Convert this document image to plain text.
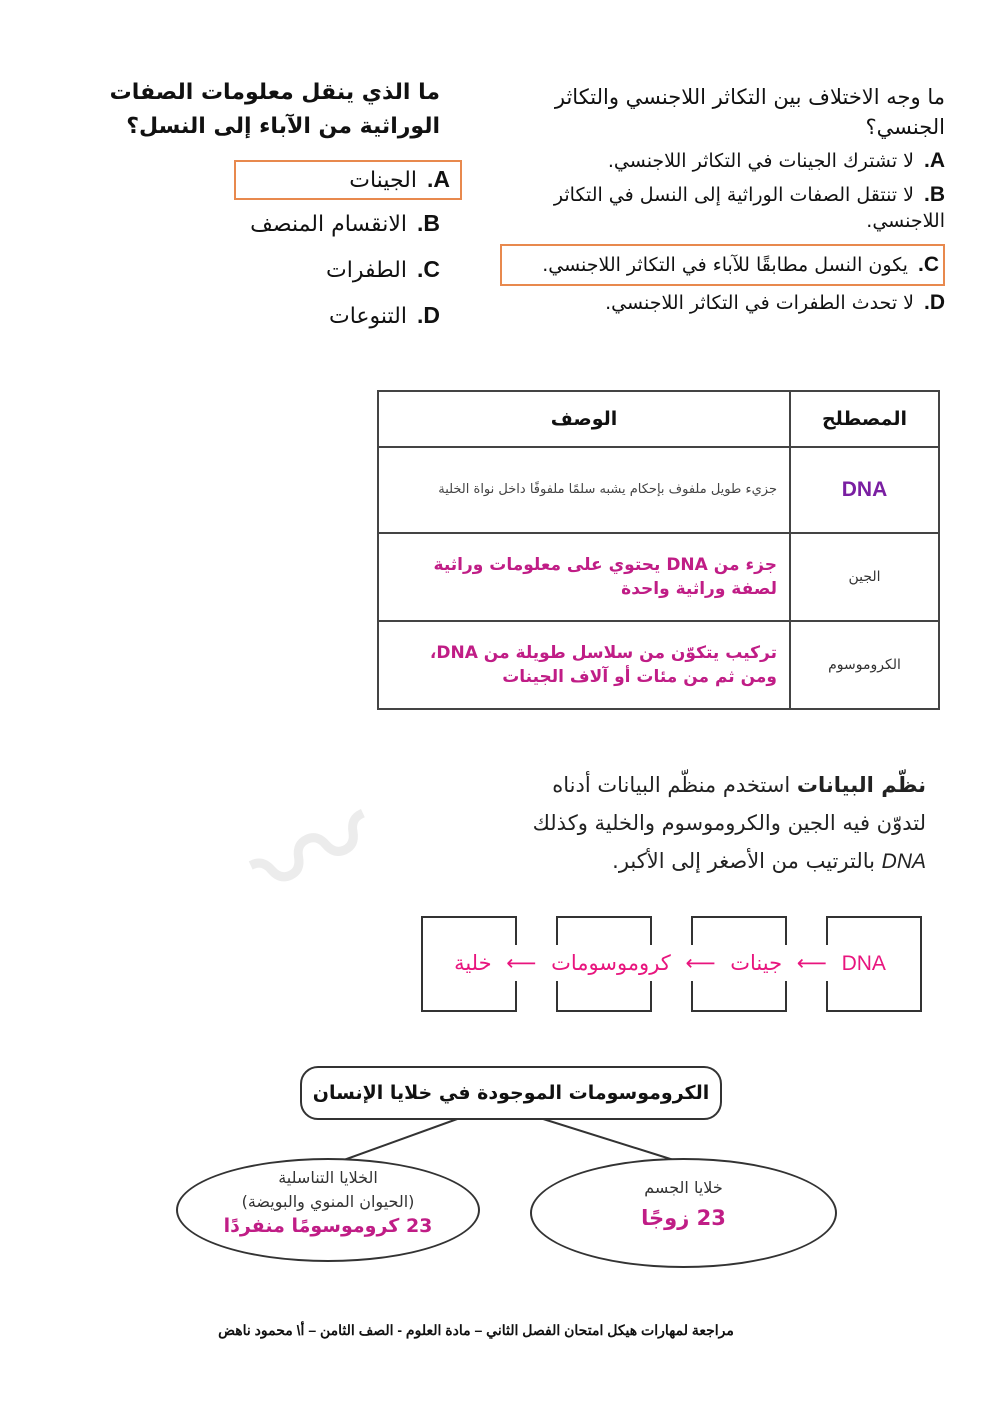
〰
ما وجه الاختلاف بين التكاثر اللاجنسي والتكاثر الجنسي؟
A.لا تشترك الجينات في التكاثر اللاجنسي.
B.لا تنتقل الصفات الوراثية إلى النسل في التكاثر اللاجنسي.
C.يكون النسل مطابقًا للآباء في التكاثر اللاجنسي.
D.لا تحدث الطفرات في التكاثر اللاجنسي.
ما الذي ينقل معلومات الصفات الوراثية من الآباء إلى النسل؟
A.الجينات
B.الانقسام المنصف
C.الطفرات
D.التنوعات
المصطلح	الوصف
DNA	جزيء طويل ملفوف بإحكام يشبه سلمًا ملفوفًا داخل نواة الخلية
الجين	جزء من DNA يحتوي على معلومات وراثية لصفة وراثية واحدة
الكروموسوم	تركيب يتكوّن من سلاسل طويلة من DNA، ومن ثم من مئات أو آلاف الجينات
نظّم البيانات استخدم منظّم البيانات أدناه
لتدوّن فيه الجين والكروموسوم والخلية وكذلك
DNA بالترتيب من الأصغر إلى الأكبر.
DNA ⟵ جينات ⟵ كروموسومات ⟵ خلية
الكروموسومات الموجودة في خلايا الإنسان
الخلايا التناسلية
(الحيوان المنوي والبويضة)
23 كروموسومًا منفردًا
خلايا الجسم
23 زوجًا
مراجعة لمهارات هيكل امتحان الفصل الثاني – مادة العلوم - الصف الثامن – أ\ محمود ناهض
